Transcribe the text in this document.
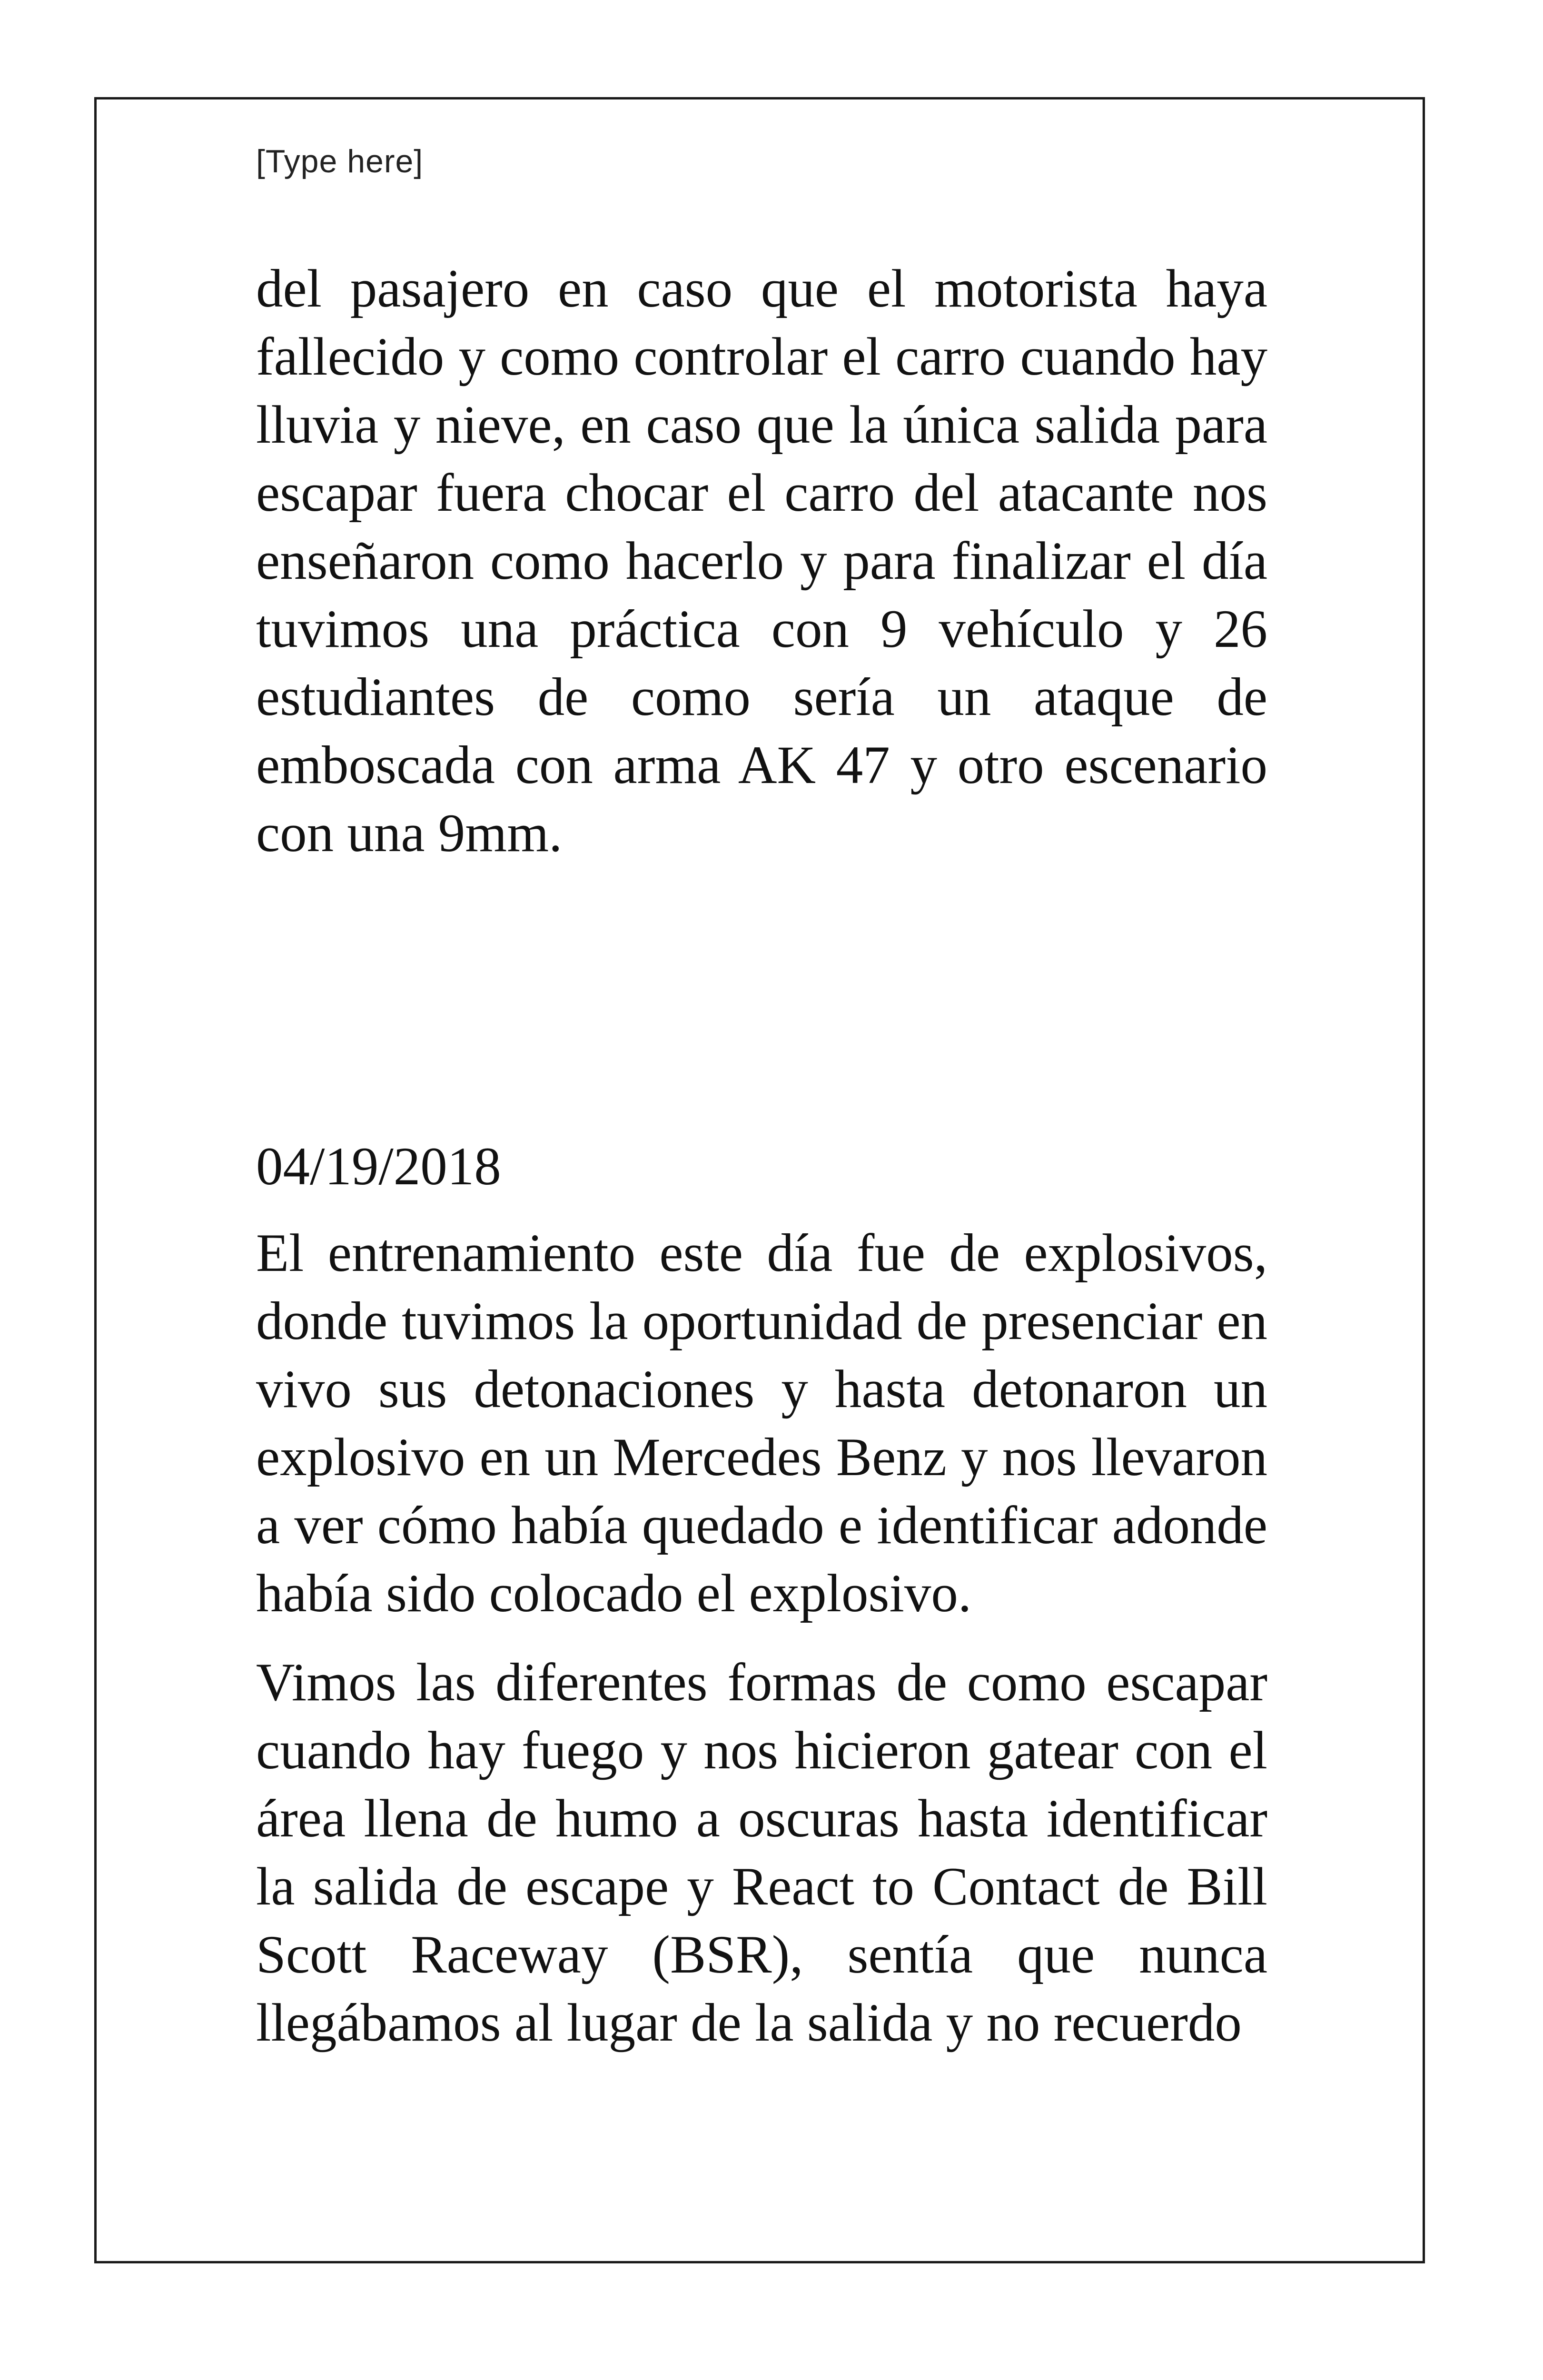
[Type here]

del pasajero en caso que el motorista haya fallecido y como controlar el carro cuando hay lluvia y nieve, en caso que la única salida para escapar fuera chocar el carro del atacante nos enseñaron como hacerlo y para finalizar el día tuvimos una práctica con 9 vehículo y 26 estudiantes de como sería un ataque de emboscada con arma AK 47 y otro escenario con una 9mm.

04/19/2018

El entrenamiento este día fue de explosivos, donde tuvimos la oportunidad de presenciar en vivo sus detonaciones y hasta detonaron un explosivo en un Mercedes Benz y nos llevaron a ver cómo había quedado e identificar adonde había sido colocado el explosivo.

Vimos las diferentes formas de como escapar cuando hay fuego y nos hicieron gatear con el área llena de humo a oscuras hasta identificar la salida de escape y React to Contact de Bill Scott Raceway (BSR), sentía que nunca llegábamos al lugar de la salida y no recuerdo
